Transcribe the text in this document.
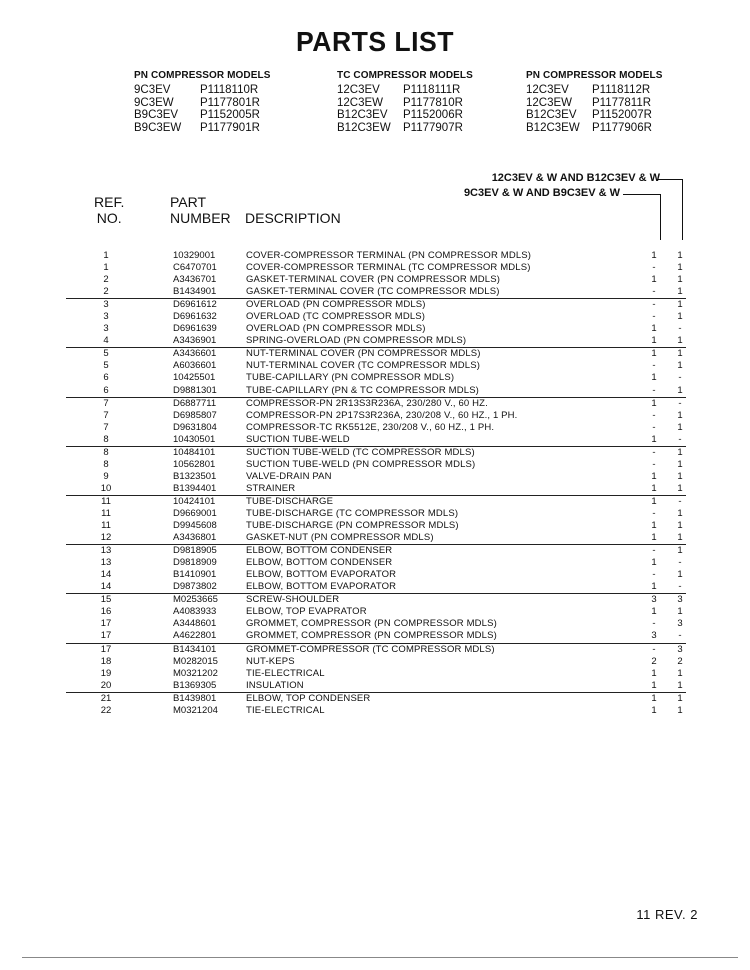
PARTS LIST
PN COMPRESSOR MODELS
9C3EV	P1118110R
9C3EW	P1177801R
B9C3EV	P1152005R
B9C3EW	P1177901R
TC COMPRESSOR MODELS
12C3EV	P1118111R
12C3EW	P1177810R
B12C3EV	P1152006R
B12C3EW	P1177907R
PN COMPRESSOR MODELS
12C3EV	P1118112R
12C3EW	P1177811R
B12C3EV	P1152007R
B12C3EW	P1177906R
12C3EV & W AND B12C3EV & W
9C3EV & W AND B9C3EV & W
REF.
NO.
PART
NUMBER DESCRIPTION
1	10329001	COVER-COMPRESSOR TERMINAL (PN COMPRESSOR MDLS)	1 1
1	C6470701	COVER-COMPRESSOR TERMINAL (TC COMPRESSOR MDLS)	-	1
2	A3436701	GASKET-TERMINAL COVER (PN COMPRESSOR MDLS)	1 1
2	B1434901	GASKET-TERMINAL COVER (TC COMPRESSOR MDLS)	-	1
3	D6961612	OVERLOAD (PN COMPRESSOR MDLS)	-	1
3	D6961632	OVERLOAD (TC COMPRESSOR MDLS)	-	1
3	D6961639	OVERLOAD (PN COMPRESSOR MDLS)	1	-
4	A3436901	SPRING-OVERLOAD (PN COMPRESSOR MDLS)	1 1
5	A3436601	NUT-TERMINAL COVER (PN COMPRESSOR MDLS)	1 1
5	A6036601	NUT-TERMINAL COVER (TC COMPRESSOR MDLS)	-	1
6	10425501	TUBE-CAPILLARY (PN COMPRESSOR MDLS)	1	-
6	D9881301	TUBE-CAPILLARY (PN & TC COMPRESSOR MDLS)	-	1
7	D6887711	COMPRESSOR-PN 2R13S3R236A, 230/280 V., 60 HZ.	1	-
7	D6985807	COMPRESSOR-PN 2P17S3R236A, 230/208 V., 60 HZ., 1 PH.	-	1
7	D9631804	COMPRESSOR-TC RK5512E, 230/208 V., 60 HZ., 1 PH.	-	1
8	10430501	SUCTION TUBE-WELD	1	-
8	10484101	SUCTION TUBE-WELD (TC COMPRESSOR MDLS)	-	1
8	10562801	SUCTION TUBE-WELD (PN COMPRESSOR MDLS)	-	1
9	B1323501	VALVE-DRAIN PAN	1 1
10	B1394401	STRAINER	1 1
11	10424101	TUBE-DISCHARGE	1	-
11	D9669001	TUBE-DISCHARGE (TC COMPRESSOR MDLS)	-	1
11	D9945608	TUBE-DISCHARGE (PN COMPRESSOR MDLS)	1 1
12	A3436801	GASKET-NUT (PN COMPRESSOR MDLS)	1 1
13	D9818905	ELBOW, BOTTOM CONDENSER	-	1
13	D9818909	ELBOW, BOTTOM CONDENSER	1	-
14	B1410901	ELBOW, BOTTOM EVAPORATOR	-	1
14	D9873802	ELBOW, BOTTOM EVAPORATOR	1	-
15	M0253665	SCREW-SHOULDER	3 3
16	A4083933	ELBOW, TOP EVAPRATOR	1 1
17	A3448601	GROMMET, COMPRESSOR (PN COMPRESSOR MDLS)	-	3
17	A4622801	GROMMET, COMPRESSOR (PN COMPRESSOR MDLS)	3	-
17	B1434101	GROMMET-COMPRESSOR (TC COMPRESSOR MDLS)	-	3
18	M0282015	NUT-KEPS	2 2
19	M0321202	TIE-ELECTRICAL	1 1
20	B1369305	INSULATION	1 1
21	B1439801	ELBOW, TOP CONDENSER	1 1
22	M0321204	TIE-ELECTRICAL	1 1
11 REV. 2
